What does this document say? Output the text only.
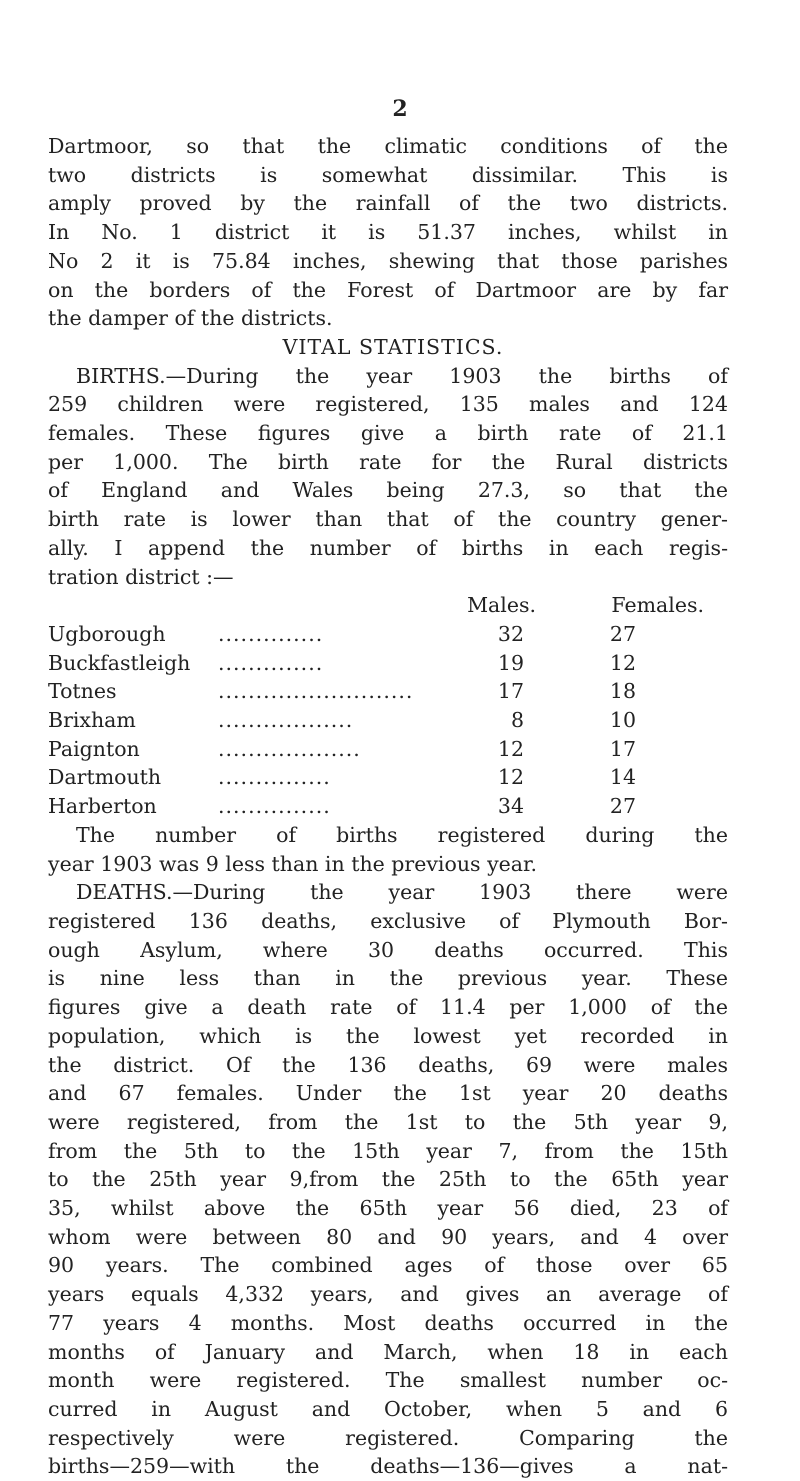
2
Dartmoor, so that the climatic conditions of the
two districts is somewhat dissimilar. This is
amply proved by the rainfall of the two districts.
In No. 1 district it is 51.37 inches, whilst in
No 2 it is 75.84 inches, shewing that those parishes
on the borders of the Forest of Dartmoor are by far
the damper of the districts.
VITAL STATISTICS.
BIRTHS.—During the year 1903 the births of
259 children were registered, 135 males and 124
females. These figures give a birth rate of 21.1
per 1,000. The birth rate for the Rural districts
of England and Wales being 27.3, so that the
birth rate is lower than that of the country gener-
ally. I append the number of births in each regis-
tration district :—
Males.	Females.
Ugborough	..............	32	27
Buckfastleigh	..............	19	12
Totnes	..........................	17	18
Brixham	..................	8	10
Paignton	...................	12	17
Dartmouth	...............	12	14
Harberton	...............	34	27
The number of births registered during the
year 1903 was 9 less than in the previous year.
DEATHS.—During the year 1903 there were
registered 136 deaths, exclusive of Plymouth Bor-
ough Asylum, where 30 deaths occurred. This
is nine less than in the previous year. These
figures give a death rate of 11.4 per 1,000 of the
population, which is the lowest yet recorded in
the district. Of the 136 deaths, 69 were males
and 67 females. Under the 1st year 20 deaths
were registered, from the 1st to the 5th year 9,
from the 5th to the 15th year 7, from the 15th
to the 25th year 9,from the 25th to the 65th year
35, whilst above the 65th year 56 died, 23 of
whom were between 80 and 90 years, and 4 over
90 years. The combined ages of those over 65
years equals 4,332 years, and gives an average of
77 years 4 months. Most deaths occurred in the
months of January and March, when 18 in each
month were registered. The smallest number oc-
curred in August and October, when 5 and 6
respectively were registered. Comparing the
births—259—with the deaths—136—gives a nat-
